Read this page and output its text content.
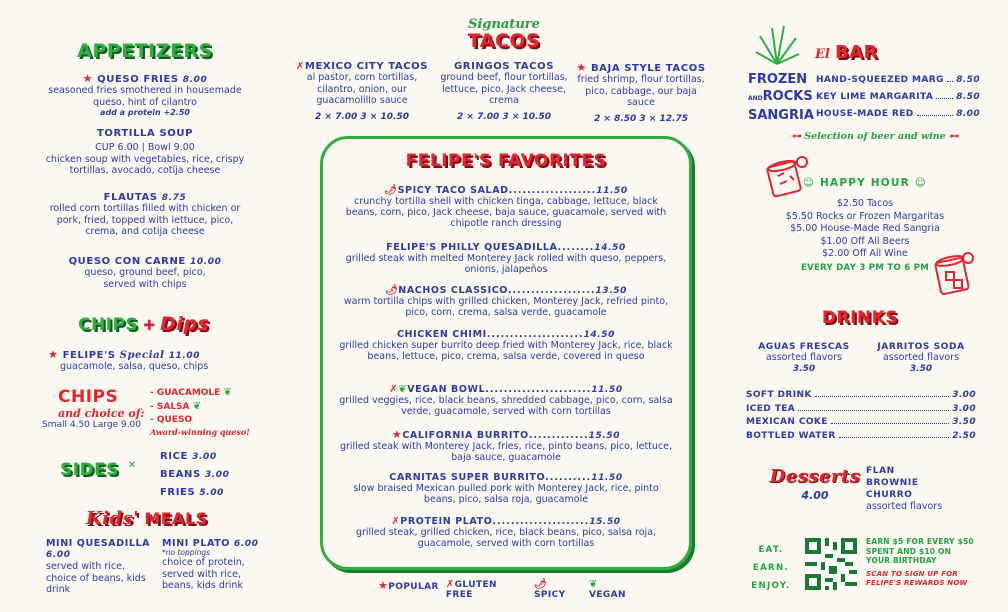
APPETIZERS
★ QUESO FRIES 8.00
seasoned fries smothered in housemade queso, hint of cilantro
add a protein +2.50
TORTILLA SOUP
CUP 6.00 | Bowl 9.00
chicken soup with vegetables, rice, crispy tortillas, avocado, cotija cheese
FLAUTAS 8.75
rolled corn tortillas filled with chicken or pork, fried, topped with lettuce, pico, crema, and cotija cheese
QUESO CON CARNE 10.00
queso, ground beef, pico, served with chips
CHIPS ✚ Dips
★ FELIPE'S Special 11.00
guacamole, salsa, queso, chips
CHIPS
and choice of:
Small 4.50 Large 9.00
- GUACAMOLE ❦
- SALSA ❦
- QUESO
Award-winning queso!
SIDES ✕
RICE 3.00
BEANS 3.00
FRIES 5.00
Kids' MEALS
MINI QUESADILLA 6.00
served with rice, choice of beans, kids drink
MINI PLATO 6.00
*no toppings
choice of protein, served with rice, beans, kids drink
Signature
TACOS
✗MEXICO CITY TACOS
al pastor, corn tortillas, cilantro, onion, our guacamolillo sauce
2 × 7.00 3 × 10.50
GRINGOS TACOS
ground beef, flour tortillas, lettuce, pico, Jack cheese, crema
2 × 7.00 3 × 10.50
★ BAJA STYLE TACOS
fried shrimp, flour tortillas, pico, cabbage, our baja sauce
2 × 8.50 3 × 12.75
FELIPE'S FAVORITES
🌶 SPICY TACO SALAD ................... 11.50
crunchy tortilla shell with chicken tinga, cabbage, lettuce, black beans, corn, pico, Jack cheese, baja sauce, guacamole, served with chipotle ranch dressing
FELIPE'S PHILLY QUESADILLA ........ 14.50
grilled steak with melted Monterey Jack rolled with queso, peppers, onions, jalapeños
🌶 NACHOS CLASSICO ................... 13.50
warm tortilla chips with grilled chicken, Monterey Jack, refried pinto, pico, corn, crema, salsa verde, guacamole
CHICKEN CHIMI ..................... 14.50
grilled chicken super burrito deep fried with Monterey Jack, rice, black beans, lettuce, pico, crema, salsa verde, covered in queso
✗ ❦ VEGAN BOWL ....................... 11.50
grilled veggies, rice, black beans, shredded cabbage, pico, corn, salsa verde, guacamole, served with corn tortillas
★ CALIFORNIA BURRITO ............. 15.50
grilled steak with Monterey Jack, fries, rice, pinto beans, pico, lettuce, baja sauce, guacamole
CARNITAS SUPER BURRITO .......... 11.50
slow braised Mexican pulled pork with Monterey Jack, rice, pinto beans, pico, salsa roja, guacamole
✗ PROTEIN PLATO ..................... 15.50
grilled steak, grilled chicken, rice, black beans, pico, salsa roja, guacamole, served with corn tortillas
★POPULAR ✗GLUTEN FREE
🌶 SPICY
❦ VEGAN
El BAR
FROZEN
ANDROCKS
SANGRIA
HAND-SQUEEZED MARG 8.50
KEY LIME MARGARITA	8.50
HOUSE-MADE RED	8.00
⊶ Selection of beer and wine ⊷
☺ HAPPY HOUR ☺
$2.50 Tacos
$5.50 Rocks or Frozen Margaritas
$5.00 House-Made Red Sangria
$1.00 Off All Beers
$2.00 Off All Wine
EVERY DAY 3 PM TO 6 PM
DRINKS
AGUAS FRESCAS
assorted flavors
3.50
JARRITOS SODA
assorted flavors
3.50
SOFT DRINK	3.00
ICED TEA	3.00
MEXICAN COKE	3.50
BOTTLED WATER	2.50
Desserts
4.00
FLAN
BROWNIE
CHURRO
assorted flavors
EAT.
EARN.
ENJOY.
EARN $5 FOR EVERY $50 SPENT AND $10 ON YOUR BIRTHDAY
SCAN TO SIGN UP FOR FELIPE'S REWARDS NOW
